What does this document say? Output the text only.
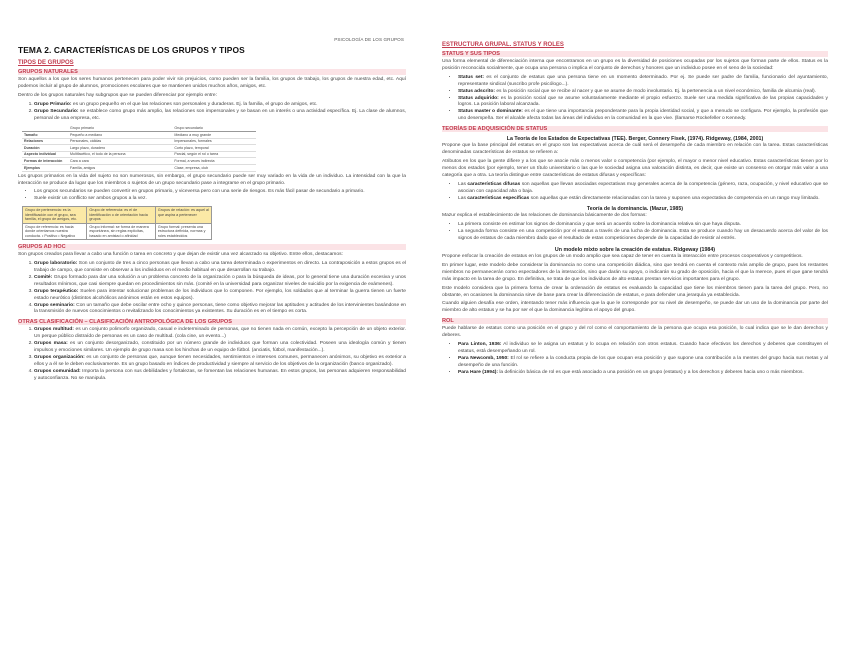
PSICOLOGÍA DE LOS GRUPOS
TEMA 2. CARACTERÍSTICAS DE LOS GRUPOS Y TIPOS
TIPOS DE GRUPOS
GRUPOS NATURALES

Son aquellos a los que los seres humanos pertenecen para poder vivir sin prejuicios, como pueden ser la familia, los grupos de trabajo, los grupos de nuestra edad, etc. Aquí podemos incluir al grupo de alumnos, promociones escolares que se mantienen unidos muchos años, amigos, etc.

Dentro de los grupos naturales hay subgrupos que se pueden diferenciar por ejemplo entre:

1. Grupo Primario: es un grupo pequeño en el que las relaciones son personales y duraderas. Ej. la familia, el grupo de amigos, etc.
2. Grupo Secundario: se establece como grupo más amplio, las relaciones son impersonales y se basan en un interés o una actividad específica. Ej. La clase de alumnos, personal de una empresa, etc.
	Grupo primario	Grupo secundario
Tamaño	Pequeño a mediano	Mediano a muy grande
Relaciones	Personales, cálidas	Impersonales, formales
Duración	Largo plazo, duradero	Corto plazo, temporal
Aspecto individual	Multifacético, el todo de la persona	Parcial, según el rol o tarea
Formas de interacción	Cara a cara	Formal, a veces indirecta
Ejemplos	Familia, amigos	Clase, empresa, club

Los grupos primarios en la vida del sujeto no son numerosos, sin embargo, el grupo secundario puede ser muy variado en la vida de un individuo. La intensidad con la que la interacción se produce da lugar que los miembros o sujetos de un grupo secundario pase a integrarse en el grupo primario.

• Los grupos secundarios se pueden convertir en grupos primario, y viceversa pero con una serie de riesgos. Es más fácil pasar de secundario a primario.
• Suele existir un conflicto ser ambos grupos a la vez.
Grupo de pertenencia: es la identificación con el grupo, sea familia, el grupo de amigos, etc.	Grupo de referencia: es el de identificación o de orientación hacia grupos	Grupos de relación: es aquel al que aspira a pertenecer
Grupo de referencia: es hacia donde orientamos nuestra conducta. • Positivo • Negativo	Grupo informal: se forma de manera espontánea, sin reglas explícitas, basado en amistad o afinidad	Grupo formal: presenta una estructura definida, normas y roles establecidos
GRUPOS AD HOC

Son grupos creados para llevar a cabo una función o tarea en concreto y que dejan de existir una vez alcanzado su objetivo. Entre ellos, destacamos:

1. Grupo laboratorio: Son un conjunto de tres a cinco personas que llevan a cabo una tarea determinada o experimentos en directo. La contraposición a estos grupos es el trabajo de campo, que consiste en observar a los individuos en el medio habitual en que desarrollan su trabajo.
2. Comité: Grupo formado para dar una solución a un problema concreto de la organización o para la búsqueda de ideas, por lo general tiene una duración excesiva y unos resultados mínimos, que casi siempre quedan en procedimientos sin más. (comité en la universidad para organizar niveles de suicidio por la exigencia de exámenes).
3. Grupo terapéutico: Suelen para intentar solucionar problemas de los individuos que lo componen. Por ejemplo, los soldados que al terminar la guerra tienen un fuerte estado neurótico (distintos alcohólicos anónimos están en estos equipos).
4. Grupo seminario: Con un tamaño que debe oscilar entre ocho y quince personas, tiene como objetivo mejorar las aptitudes y actitudes de los intervinientes basándose en la transmisión de nuevos conocimientos o revitalizando los conocimientos ya existentes. Su duración es en el tiempo es corta.
OTRAS CLASIFICACIÓN – CLASIFICACIÓN ANTROPOLÓGICA DE LOS GRUPOS
1. Grupos multitud: es un conjunto polimorfo organizado, casual e indeterminado de personas, que no tienen nada en común, excepto la percepción de un objeto exterior. Un perque público distraído de personas es un caso de multitud. (cola cine, un evento...)
2. Grupos masa: es un conjunto desorganizado, constituido por un número grande de individuos que forman una colectividad. Poseen una ideología común y tienen impulsos y emociones similares. Un ejemplo de grupo masa son los hinchas de un equipo de fútbol. (anciatis, fútbol, manifestación...).
3. Grupos organización: es un conjunto de personas que, aunque tienen necesidades, sentimientos e intereses comunes, permanecen anónimos, su objetivo es exterior a ellos y a él se le deben exclusivamente. Es un grupo basado en índices de productividad y siempre al servicio de los objetivos de la organización (banco organizado).
4. Grupos comunidad: Importa la persona con sus debilidades y fortalezas, se fomentan las relaciones humanas. En estos grupos, las personas adquieren responsabilidad y autoconfianza. No se manipula.
ESTRUCTURA GRUPAL. STATUS Y ROLES
STATUS Y SUS TIPOS

Una forma elemental de diferenciación interna que encontramos en un grupo es la diversidad de posiciones ocupadas por los sujetos que forman parte de ellos. Status es la posición reconocida socialmente, que ocupa una persona o implica el conjunto de derechos y honores que un individuo posee en el seno de la sociedad:

• Status set: es el conjunto de estatus que una persona tiene en un momento determinado. Por ej. Se puede ser padre de familia, funcionario del ayuntamiento, representante sindical (suscribo profe psicólogo...).
• Status adscrito: es la posición social que se recibe al nacer y que se asume de modo involuntario. Ej. la pertenencia a un nivel económico, familia de alcurnia (real).
• Status adquirido: es la posición social que se asume voluntariamente mediante el propio esfuerzo. Suele ser una medida significativa de las propias capacidades y logros. La posición laboral alcanzada.
• Status master o dominante: es el que tiene una importancia preponderante para la propia identidad social, y que a menudo se configura. Por ejemplo, la profesión que uno desempeña. Ser el alcalde afecta todas las áreas del individuo en la comunidad en la que vive. (llamarse Rockefeller o Kennedy.
TEORÍAS DE ADQUISICIÓN DE STATUS
La Teoría de los Estados de Expectativas (TEE). Berger, Connery Fisek, (1974). Ridgeway, (1984, 2001)

Propone que la base principal del estatus en el grupo son las expectativas acerca de cuál será el desempeño de cada miembro en relación con la tarea. Estas características denominadas características de estatus se refieren a:

Atributos en los que la gente difiere y a los que se asocie más o menos valor o competencia (por ejemplo, el mayor o menor nivel educativo. Estas características tienen por lo menos dos estados (por ejemplo, tener un título universitario o las que le sociedad asigna una valoración distinta, es decir, que existe un consenso en otorgar más valor a una categoría que a otra. La teoría distingue entre características de estatus difusas y específicas:

• Las características difusas son aquellas que llevan asociadas expectativas muy generales acerca de la competencia (género, raza, ocupación, y nivel educativo que se asocian con capacidad alta o baja.
• Las características específicas son aquellas que están directamente relacionadas con la tarea y suponen una expectativa de competencia en un rango muy limitado.
Teoría de la dominancia. (Mazur, 1985)

Mazur explica el establecimiento de las relaciones de dominancia básicamente de dos formas:

• La primera consiste en estimar los signos de dominancia y que será un acuerdo sobre la dominancia relativa sin que haya disputa.
• La segunda forma consiste en una competición por el estatus a través de una lucha de dominancia. Esta se produce cuando hay un desacuerdo acerca del valor de los signos de estatus de cada miembro dado que el resultado de estas competiciones depende de la capacidad de resistir al estrés.
Un modelo mixto sobre la creación de estatus. Ridgeway (1984)

Propone enfocar la creación de estatus en los grupos de un modo amplio que sea capaz de tener en cuenta la interacción entre procesos cooperativos y competitivos.

En primer lugar, este modelo debe considerar la dominancia no como una competición diádica, sino que tendrá en cuenta el contexto más amplio de grupo, pues los restantes miembros no permanecerán como espectadores de la interacción, sino que darán su apoyo, o indicarán su grado de oposición, hacia el que la merece, pues el que gane tendrá más impacto en la tarea de grupo. En definitiva, se trata de que los individuos de alto estatus prestan servicios importantes para el grupo.

Este modelo considera que la primera forma de crear la ordenación de estatus es evaluando la capacidad que tiene los miembros tienen para la tarea del grupo. Pero, no obstante, en ocasiones la dominancia sirve de base para crear la diferenciación de estatus, e para defender una jerarquía ya establecida.

Cuando alguien desafía ese orden, intentando tener más influencia que la que le corresponde por su nivel de desempeño, se puede dar un uso de la dominancia por parte del miembro de alto estatus y se ha por ser el que la dominancia legítima el apoyo del grupo.

ROL

Puede hablarse de estatus como una posición en el grupo y del rol como el comportamiento de la persona que ocupa esa posición, lo cual indica que se le dan derechos y deberes.

• Para Linton, 1936: Al individuo se le asigna un estatus y lo ocupa en relación con otros estatus. Cuando hace efectivos los derechos y deberes que constituyen el estatus, está desempeñando un rol.
• Para Newcomb, 1950: El rol se refiere a la conducta propia de los que ocupan esa posición y que supone una contribución a la mentes del grupo hacia sus metas y al desempeño de una función.
• Para Hare (1994): la definición básica de rol es que está asociado a una posición en un grupo (estatus) y a los derechos y deberes hacia uno o más miembros.
